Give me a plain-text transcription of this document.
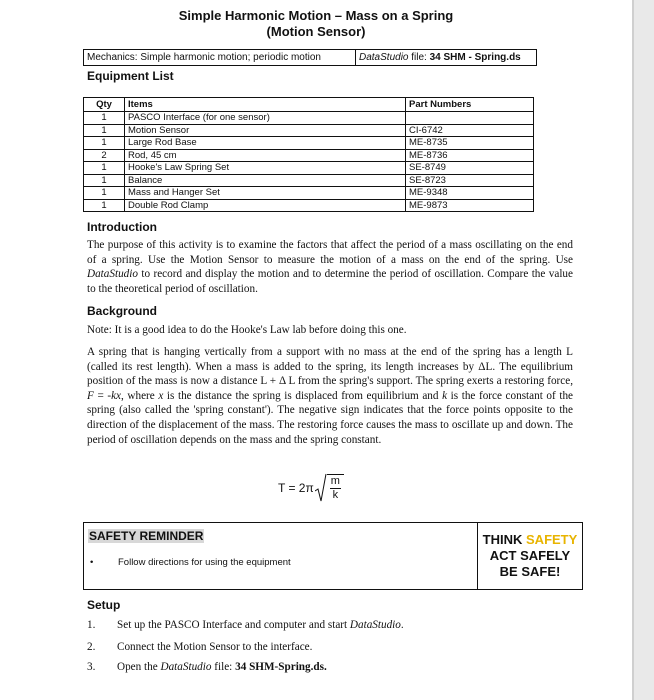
Simple Harmonic Motion – Mass on a Spring
(Motion Sensor)
Mechanics: Simple harmonic motion; periodic motion	DataStudio file: 34 SHM - Spring.ds
Equipment List
Qty	Items	Part Numbers
1	PASCO Interface (for one sensor)	
1	Motion Sensor	CI-6742
1	Large Rod Base	ME-8735
2	Rod, 45 cm	ME-8736
1	Hooke's Law Spring Set	SE-8749
1	Balance	SE-8723
1	Mass and Hanger Set	ME-9348
1	Double Rod Clamp	ME-9873
Introduction
The purpose of this activity is to examine the factors that affect the period of a mass oscillating on the end of a spring. Use the Motion Sensor to measure the motion of a mass on the end of the spring. Use DataStudio to record and display the motion and to determine the period of oscillation. Compare the value to the theoretical period of oscillation.
Background
Note: It is a good idea to do the Hooke's Law lab before doing this one.
A spring that is hanging vertically from a support with no mass at the end of the spring has a length L (called its rest length). When a mass is added to the spring, its length increases by ΔL. The equilibrium position of the mass is now a distance L + Δ L from the spring's support. The spring exerts a restoring force, F = -kx, where x is the distance the spring is displaced from equilibrium and k is the force constant of the spring (also called the 'spring constant'). The negative sign indicates that the force points opposite to the direction of the displacement of the mass. The restoring force causes the mass to oscillate up and down. The period of oscillation depends on the mass and the spring constant.
$T = 2\pi \frac{m}{k}$
SAFETY REMINDER
•	Follow directions for using the equipment
THINK SAFETY
ACT SAFELY
BE SAFE!
Setup
1. Set up the PASCO Interface and computer and start DataStudio.
2. Connect the Motion Sensor to the interface.
3. Open the DataStudio file: 34 SHM-Spring.ds.
